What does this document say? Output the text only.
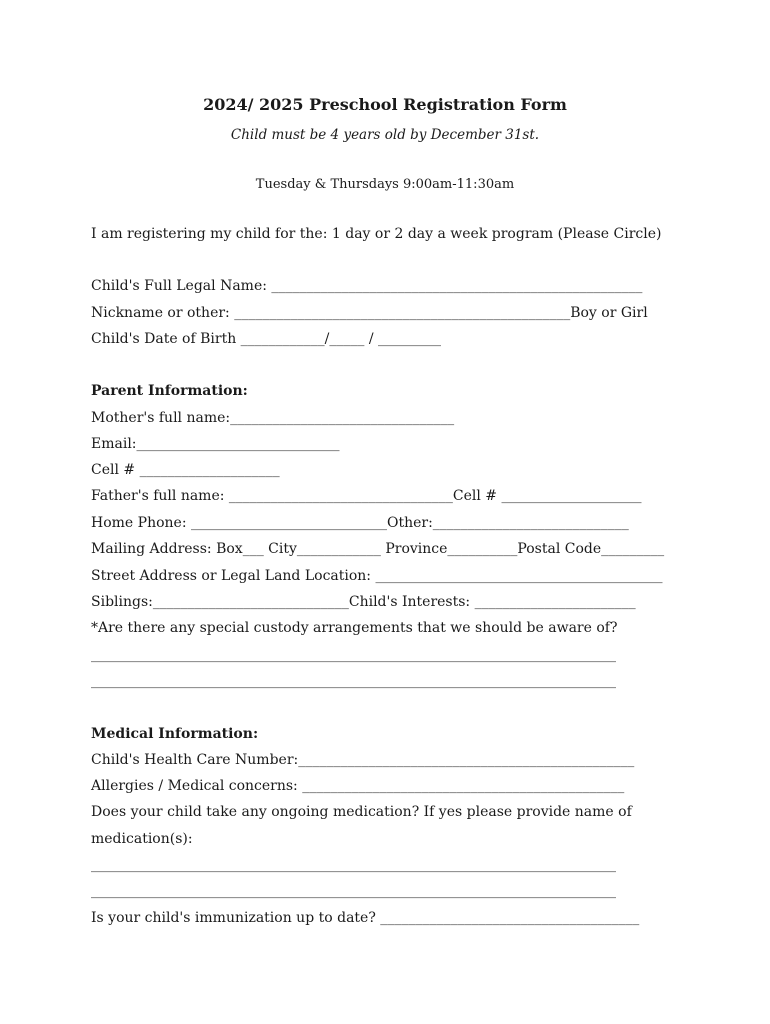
2024/ 2025 Preschool Registration Form
Child must be 4 years old by December 31st.
Tuesday & Thursdays 9:00am-11:30am
I am registering my child for the: 1 day or 2 day a week program (Please Circle)
Child's Full Legal Name: _____________________________________________________
Nickname or other: ________________________________________________Boy or Girl
Child's Date of Birth ____________/_____ / _________
Parent Information:
Mother's full name:________________________________
Email:_____________________________
Cell # ____________________
Father's full name: ________________________________Cell # ____________________
Home Phone: ____________________________Other:____________________________
Mailing Address: Box___ City____________ Province__________Postal Code_________
Street Address or Legal Land Location: _________________________________________
Siblings:____________________________Child's Interests: _______________________
*Are there any special custody arrangements that we should be aware of?
___________________________________________________________________________
___________________________________________________________________________
Medical Information:
Child's Health Care Number:________________________________________________
Allergies / Medical concerns: ______________________________________________
Does your child take any ongoing medication? If yes please provide name of
medication(s):
___________________________________________________________________________
___________________________________________________________________________
Is your child's immunization up to date? _____________________________________
